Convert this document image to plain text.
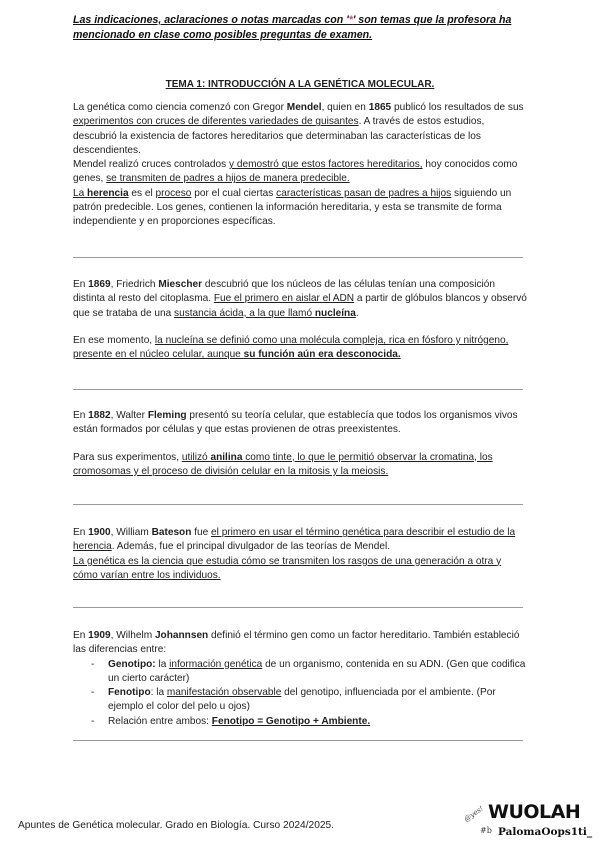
Las indicaciones, aclaraciones o notas marcadas con '*' son temas que la profesora ha mencionado en clase como posibles preguntas de examen.
TEMA 1: INTRODUCCIÓN A LA GENÉTICA MOLECULAR.

La genética como ciencia comenzó con Gregor Mendel, quien en 1865 publicó los resultados de sus experimentos con cruces de diferentes variedades de guisantes. A través de estos estudios, descubrió la existencia de factores hereditarios que determinaban las características de los descendientes.

Mendel realizó cruces controlados y demostró que estos factores hereditarios, hoy conocidos como genes, se transmiten de padres a hijos de manera predecible.

La herencia es el proceso por el cual ciertas características pasan de padres a hijos siguiendo un patrón predecible. Los genes, contienen la información hereditaria, y esta se transmite de forma independiente y en proporciones específicas.

En 1869, Friedrich Miescher descubrió que los núcleos de las células tenían una composición distinta al resto del citoplasma. Fue el primero en aislar el ADN a partir de glóbulos blancos y observó que se trataba de una sustancia ácida, a la que llamó nucleína.

En ese momento, la nucleína se definió como una molécula compleja, rica en fósforo y nitrógeno, presente en el núcleo celular, aunque su función aún era desconocida.

En 1882, Walter Fleming presentó su teoría celular, que establecía que todos los organismos vivos están formados por células y que estas provienen de otras preexistentes.

Para sus experimentos, utilizó anilina como tinte, lo que le permitió observar la cromatina, los cromosomas y el proceso de división celular en la mitosis y la meiosis.

En 1900, William Bateson fue el primero en usar el término genética para describir el estudio de la herencia. Además, fue el principal divulgador de las teorías de Mendel.

La genética es la ciencia que estudia cómo se transmiten los rasgos de una generación a otra y cómo varían entre los individuos.

En 1909, Wilhelm Johannsen definió el término gen como un factor hereditario. También estableció las diferencias entre:

- Genotipo: la información genética de un organismo, contenida en su ADN. (Gen que codifica un cierto carácter)
- Fenotipo: la manifestación observable del genotipo, influenciada por el ambiente. (Por ejemplo el color del pelo u ojos)
- Relación entre ambos: Fenotipo = Genotipo + Ambiente.
Apuntes de Genética molecular. Grado en Biología. Curso 2024/2025.
@yes!
#b
WUOLAH
PalomaOops1ti_
